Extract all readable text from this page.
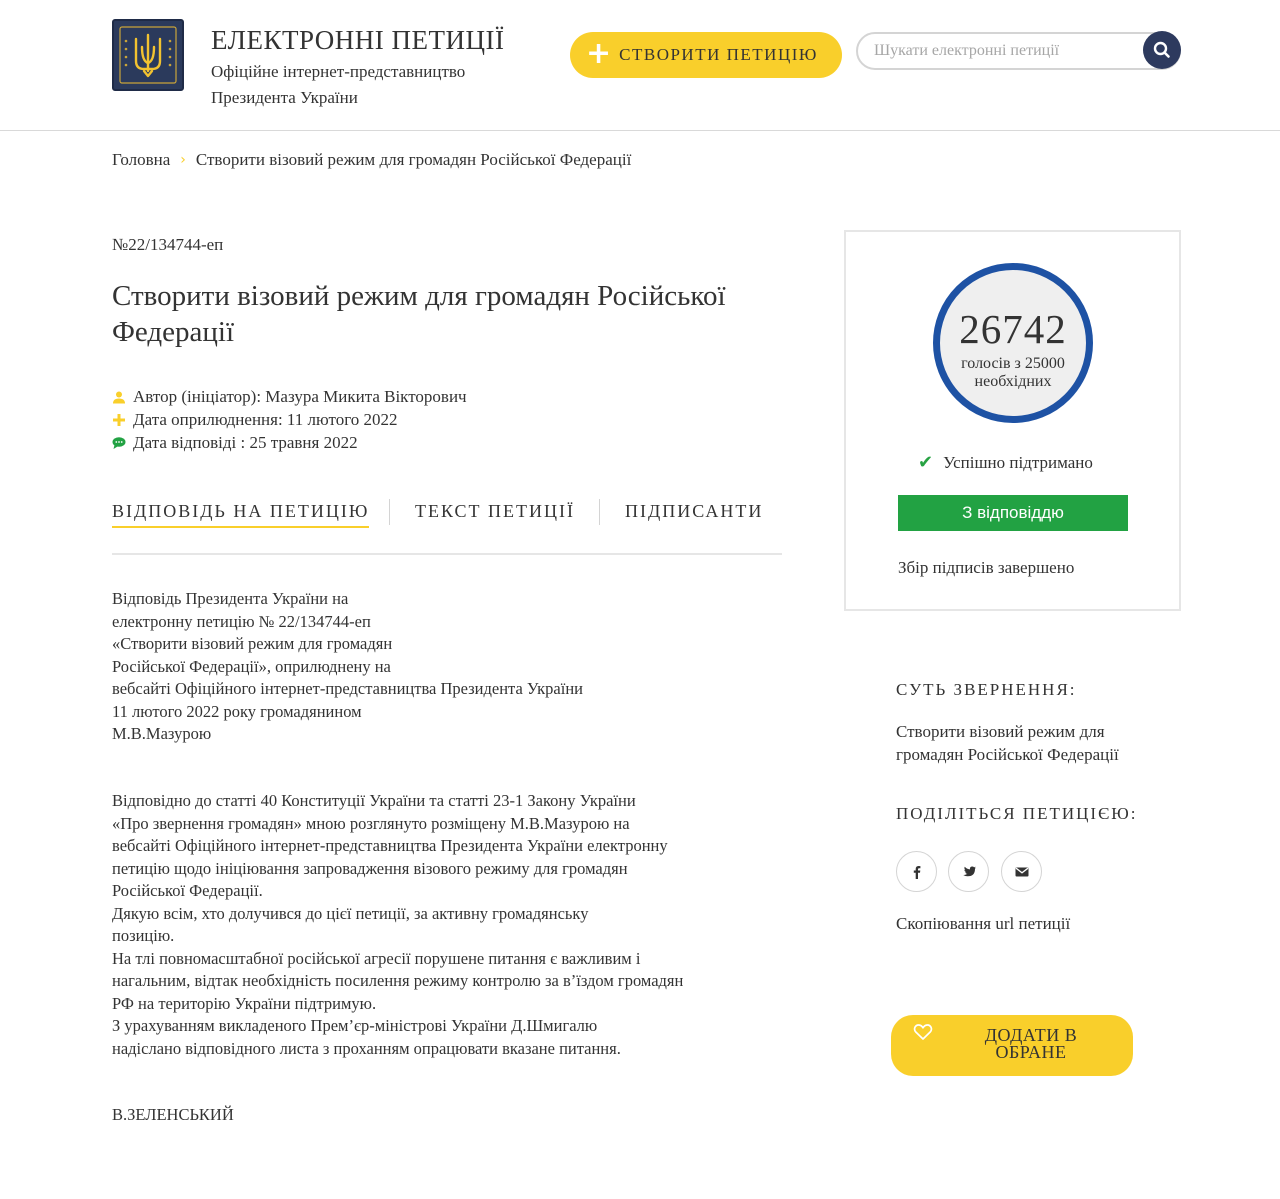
ЕЛЕКТРОННІ ПЕТИЦІЇ
Офіційне інтернет-представництво
Президента України
+ СТВОРИТИ ПЕТИЦІЮ
Шукати електронні петиції
Головна › Створити візовий режим для громадян Російської Федерації
№22/134744-еп
Створити візовий режим для громадян Російської Федерації
Автор (ініціатор): Мазура Микита Вікторович
Дата оприлюднення: 11 лютого 2022
Дата відповіді : 25 травня 2022
ВІДПОВІДЬ НА ПЕТИЦІЮ	ТЕКСТ ПЕТИЦІЇ	ПІДПИСАНТИ
Відповідь Президента України на
електронну петицію № 22/134744-еп
«Створити візовий режим для громадян
Російської Федерації», оприлюднену на
вебсайті Офіційного інтернет-представництва Президента України
11 лютого 2022 року громадянином
М.В.Мазурою
Відповідно до статті 40 Конституції України та статті 23-1 Закону України
«Про звернення громадян» мною розглянуто розміщену М.В.Мазурою на
вебсайті Офіційного інтернет-представництва Президента України електронну
петицію щодо ініціювання запровадження візового режиму для громадян
Російської Федерації.
Дякую всім, хто долучився до цієї петиції, за активну громадянську
позицію.
На тлі повномасштабної російської агресії порушене питання є важливим і
нагальним, відтак необхідність посилення режиму контролю за в’їздом громадян
РФ на територію України підтримую.
З урахуванням викладеного Прем’єр-міністрові України Д.Шмигалю
надіслано відповідного листа з проханням опрацювати вказане питання.
В.ЗЕЛЕНСЬКИЙ
26742
голосів з 25000
необхідних
✔ Успішно підтримано
З відповіддю
Збір підписів завершено
СУТЬ ЗВЕРНЕННЯ:
Створити візовий режим для
громадян Російської Федерації
ПОДІЛІТЬСЯ ПЕТИЦІЄЮ:
Скопіювання url петиції
ДОДАТИ В
ОБРАНЕ
